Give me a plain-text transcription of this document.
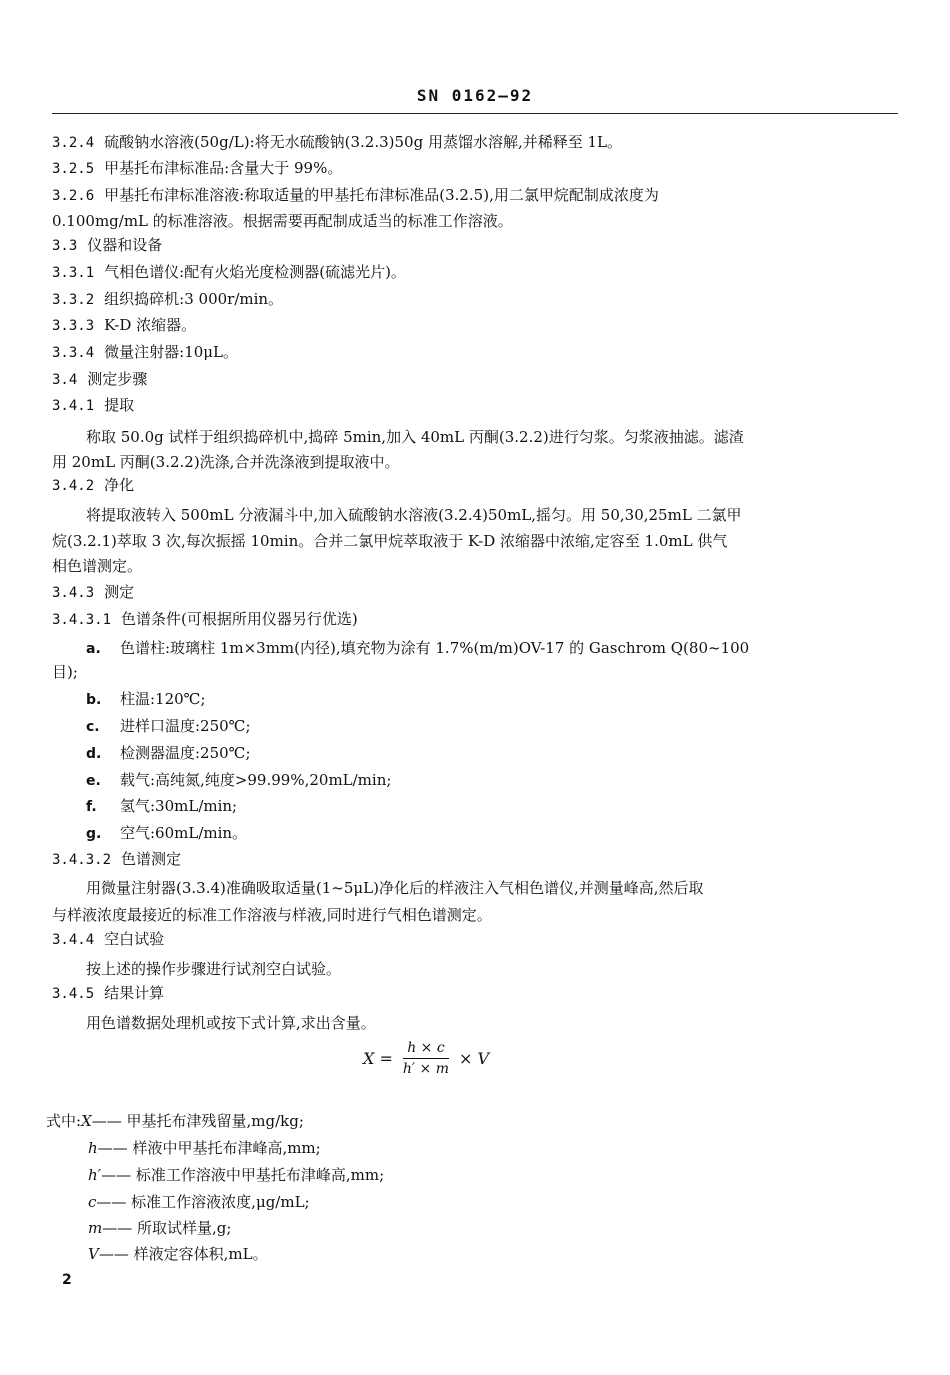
SN 0162—92
3.2.4 硫酸钠水溶液(50g/L):将无水硫酸钠(3.2.3)50g 用蒸馏水溶解,并稀释至 1L。
3.2.5 甲基托布津标准品:含量大于 99%。
3.2.6 甲基托布津标准溶液:称取适量的甲基托布津标准品(3.2.5),用二氯甲烷配制成浓度为
0.100mg/mL 的标准溶液。根据需要再配制成适当的标准工作溶液。
3.3 仪器和设备
3.3.1 气相色谱仪:配有火焰光度检测器(硫滤光片)。
3.3.2 组织捣碎机:3 000r/min。
3.3.3 K-D 浓缩器。
3.3.4 微量注射器:10μL。
3.4 测定步骤
3.4.1 提取
称取 50.0g 试样于组织捣碎机中,捣碎 5min,加入 40mL 丙酮(3.2.2)进行匀浆。匀浆液抽滤。滤渣
用 20mL 丙酮(3.2.2)洗涤,合并洗涤液到提取液中。
3.4.2 净化
将提取液转入 500mL 分液漏斗中,加入硫酸钠水溶液(3.2.4)50mL,摇匀。用 50,30,25mL 二氯甲
烷(3.2.1)萃取 3 次,每次振摇 10min。合并二氯甲烷萃取液于 K-D 浓缩器中浓缩,定容至 1.0mL 供气
相色谱测定。
3.4.3 测定
3.4.3.1 色谱条件(可根据所用仪器另行优选)
a. 色谱柱:玻璃柱 1m×3mm(内径),填充物为涂有 1.7%(m/m)OV-17 的 Gaschrom Q(80~100
目);
b. 柱温:120℃;
c. 进样口温度:250℃;
d. 检测器温度:250℃;
e. 载气:高纯氮,纯度>99.99%,20mL/min;
f. 氢气:30mL/min;
g. 空气:60mL/min。
3.4.3.2 色谱测定
用微量注射器(3.3.4)准确吸取适量(1~5μL)净化后的样液注入气相色谱仪,并测量峰高,然后取
与样液浓度最接近的标准工作溶液与样液,同时进行气相色谱测定。
3.4.4 空白试验
按上述的操作步骤进行试剂空白试验。
3.4.5 结果计算
用色谱数据处理机或按下式计算,求出含量。
$X = \frac{h \times c}{h' \times m} \times V$
式中:X—— 甲基托布津残留量,mg/kg;
h—— 样液中甲基托布津峰高,mm;
h′—— 标准工作溶液中甲基托布津峰高,mm;
c—— 标准工作溶液浓度,μg/mL;
m—— 所取试样量,g;
V—— 样液定容体积,mL。
2
